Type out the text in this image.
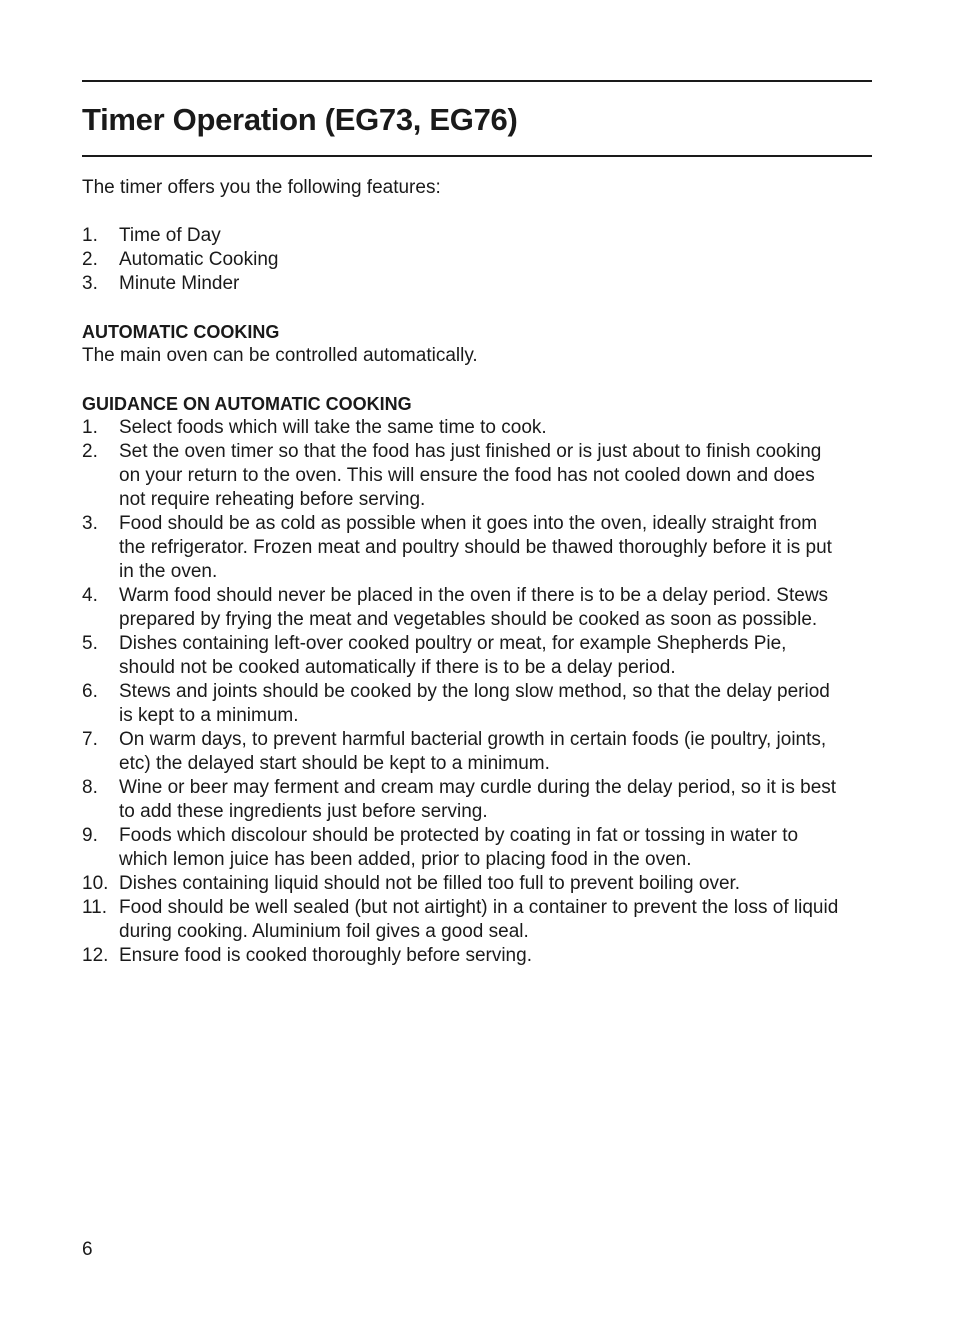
Timer Operation (EG73, EG76)

The timer offers you the following features:

1. Time of Day
2. Automatic Cooking
3. Minute Minder

AUTOMATIC COOKING

The main oven can be controlled automatically.

GUIDANCE ON AUTOMATIC COOKING

1. Select foods which will take the same time to cook.
2. Set the oven timer so that the food has just finished or is just about to finish cooking on your return to the oven. This will ensure the food has not cooled down and does not require reheating before serving.
3. Food should be as cold as possible when it goes into the oven, ideally straight from the refrigerator. Frozen meat and poultry should be thawed thoroughly before it is put in the oven.
4. Warm food should never be placed in the oven if there is to be a delay period. Stews prepared by frying the meat and vegetables should be cooked as soon as possible.
5. Dishes containing left-over cooked poultry or meat, for example Shepherds Pie, should not be cooked automatically if there is to be a delay period.
6. Stews and joints should be cooked by the long slow method, so that the delay period is kept to a minimum.
7. On warm days, to prevent harmful bacterial growth in certain foods (ie poultry, joints, etc) the delayed start should be kept to a minimum.
8. Wine or beer may ferment and cream may curdle during the delay period, so it is best to add these ingredients just before serving.
9. Foods which discolour should be protected by coating in fat or tossing in water to which lemon juice has been added, prior to placing food in the oven.
10. Dishes containing liquid should not be filled too full to prevent boiling over.
11. Food should be well sealed (but not airtight) in a container to prevent the loss of liquid during cooking. Aluminium foil gives a good seal.
12. Ensure food is cooked thoroughly before serving.
6
